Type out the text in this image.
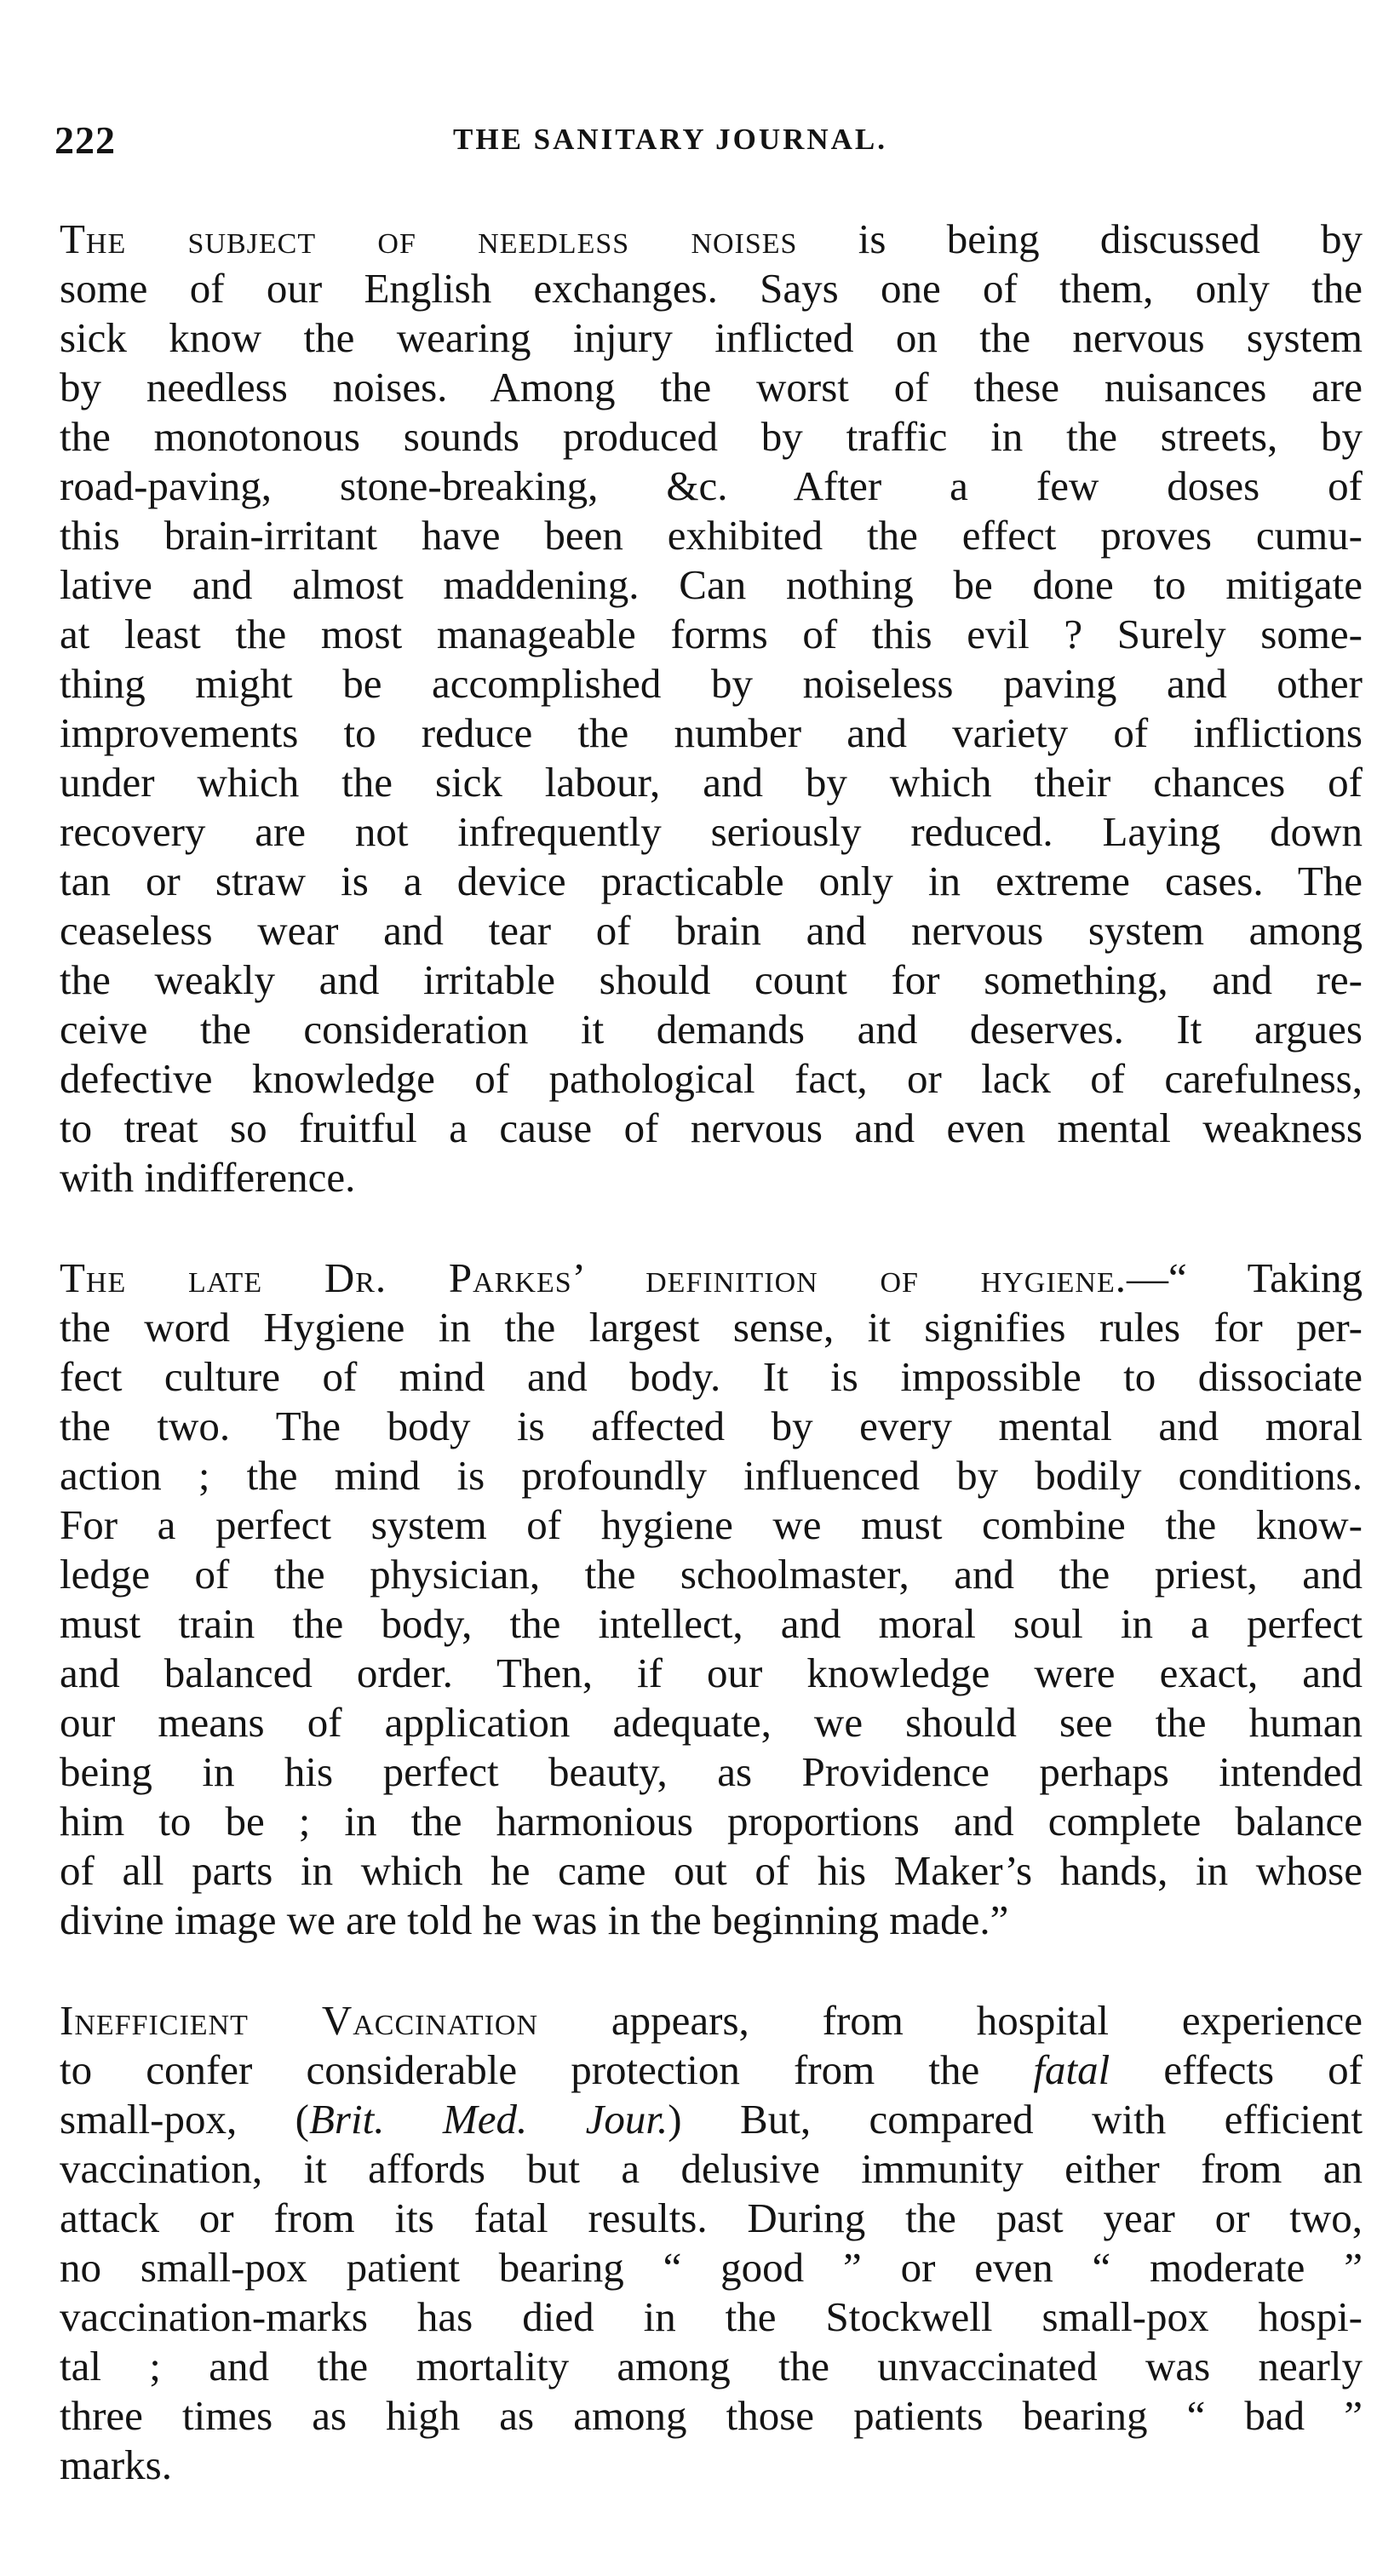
222	THE SANITARY JOURNAL.
The subject of needless noises is being discussed by
some of our English exchanges. Says one of them, only the
sick know the wearing injury inflicted on the nervous system
by needless noises. Among the worst of these nuisances are
the monotonous sounds produced by traffic in the streets, by
road-paving, stone-breaking, &c. After a few doses of
this brain-irritant have been exhibited the effect proves cumu-
lative and almost maddening. Can nothing be done to mitigate
at least the most manageable forms of this evil ? Surely some-
thing might be accomplished by noiseless paving and other
improvements to reduce the number and variety of inflictions
under which the sick labour, and by which their chances of
recovery are not infrequently seriously reduced. Laying down
tan or straw is a device practicable only in extreme cases. The
ceaseless wear and tear of brain and nervous system among
the weakly and irritable should count for something, and re-
ceive the consideration it demands and deserves. It argues
defective knowledge of pathological fact, or lack of carefulness,
to treat so fruitful a cause of nervous and even mental weakness
with indifference.
The late Dr. Parkes’ definition of hygiene.—“ Taking
the word Hygiene in the largest sense, it signifies rules for per-
fect culture of mind and body. It is impossible to dissociate
the two. The body is affected by every mental and moral
action ; the mind is profoundly influenced by bodily conditions.
For a perfect system of hygiene we must combine the know-
ledge of the physician, the schoolmaster, and the priest, and
must train the body, the intellect, and moral soul in a perfect
and balanced order. Then, if our knowledge were exact, and
our means of application adequate, we should see the human
being in his perfect beauty, as Providence perhaps intended
him to be ; in the harmonious proportions and complete balance
of all parts in which he came out of his Maker’s hands, in whose
divine image we are told he was in the beginning made.”
Inefficient Vaccination appears, from hospital experience
to confer considerable protection from the fatal effects of
small-pox, (Brit. Med. Jour.) But, compared with efficient
vaccination, it affords but a delusive immunity either from an
attack or from its fatal results. During the past year or two,
no small-pox patient bearing “ good ” or even “ moderate ”
vaccination-marks has died in the Stockwell small-pox hospi-
tal ; and the mortality among the unvaccinated was nearly
three times as high as among those patients bearing “ bad ”
marks.
